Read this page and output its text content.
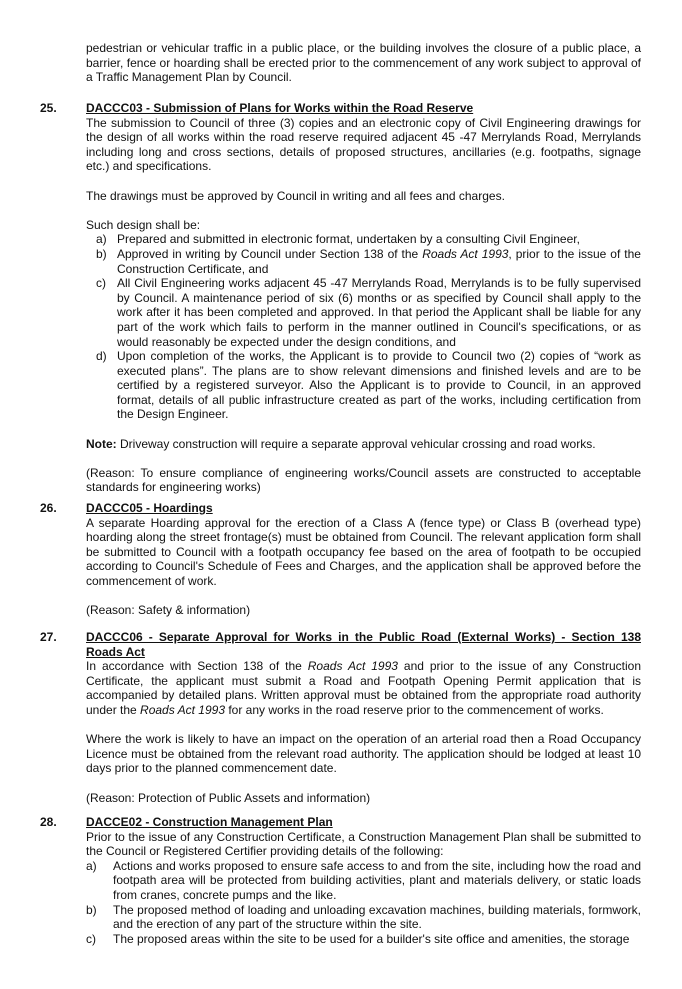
pedestrian or vehicular traffic in a public place, or the building involves the closure of a public place, a barrier, fence or hoarding shall be erected prior to the commencement of any work subject to approval of a Traffic Management Plan by Council.

25.	DACCC03 - Submission of Plans for Works within the Road Reserve

The submission to Council of three (3) copies and an electronic copy of Civil Engineering drawings for the design of all works within the road reserve required adjacent 45 -47 Merrylands Road, Merrylands including long and cross sections, details of proposed structures, ancillaries (e.g. footpaths, signage etc.) and specifications.

The drawings must be approved by Council in writing and all fees and charges.

Such design shall be:

a) Prepared and submitted in electronic format, undertaken by a consulting Civil Engineer,
b) Approved in writing by Council under Section 138 of the Roads Act 1993, prior to the issue of the Construction Certificate, and
c) All Civil Engineering works adjacent 45 -47 Merrylands Road, Merrylands is to be fully supervised by Council. A maintenance period of six (6) months or as specified by Council shall apply to the work after it has been completed and approved. In that period the Applicant shall be liable for any part of the work which fails to perform in the manner outlined in Council's specifications, or as would reasonably be expected under the design conditions, and
d) Upon completion of the works, the Applicant is to provide to Council two (2) copies of “work as executed plans”. The plans are to show relevant dimensions and finished levels and are to be certified by a registered surveyor. Also the Applicant is to provide to Council, in an approved format, details of all public infrastructure created as part of the works, including certification from the Design Engineer.

Note: Driveway construction will require a separate approval vehicular crossing and road works.

(Reason: To ensure compliance of engineering works/Council assets are constructed to acceptable standards for engineering works)

26.	DACCC05 - Hoardings

A separate Hoarding approval for the erection of a Class A (fence type) or Class B (overhead type) hoarding along the street frontage(s) must be obtained from Council. The relevant application form shall be submitted to Council with a footpath occupancy fee based on the area of footpath to be occupied according to Council's Schedule of Fees and Charges, and the application shall be approved before the commencement of work.

(Reason: Safety & information)

27.	DACCC06 - Separate Approval for Works in the Public Road (External Works) - Section 138 Roads Act

In accordance with Section 138 of the Roads Act 1993 and prior to the issue of any Construction Certificate, the applicant must submit a Road and Footpath Opening Permit application that is accompanied by detailed plans. Written approval must be obtained from the appropriate road authority under the Roads Act 1993 for any works in the road reserve prior to the commencement of works.

Where the work is likely to have an impact on the operation of an arterial road then a Road Occupancy Licence must be obtained from the relevant road authority. The application should be lodged at least 10 days prior to the planned commencement date.

(Reason: Protection of Public Assets and information)

28.	DACCE02 - Construction Management Plan

Prior to the issue of any Construction Certificate, a Construction Management Plan shall be submitted to the Council or Registered Certifier providing details of the following:

a) Actions and works proposed to ensure safe access to and from the site, including how the road and footpath area will be protected from building activities, plant and materials delivery, or static loads from cranes, concrete pumps and the like.
b) The proposed method of loading and unloading excavation machines, building materials, formwork, and the erection of any part of the structure within the site.
c) The proposed areas within the site to be used for a builder's site office and amenities, the storage
